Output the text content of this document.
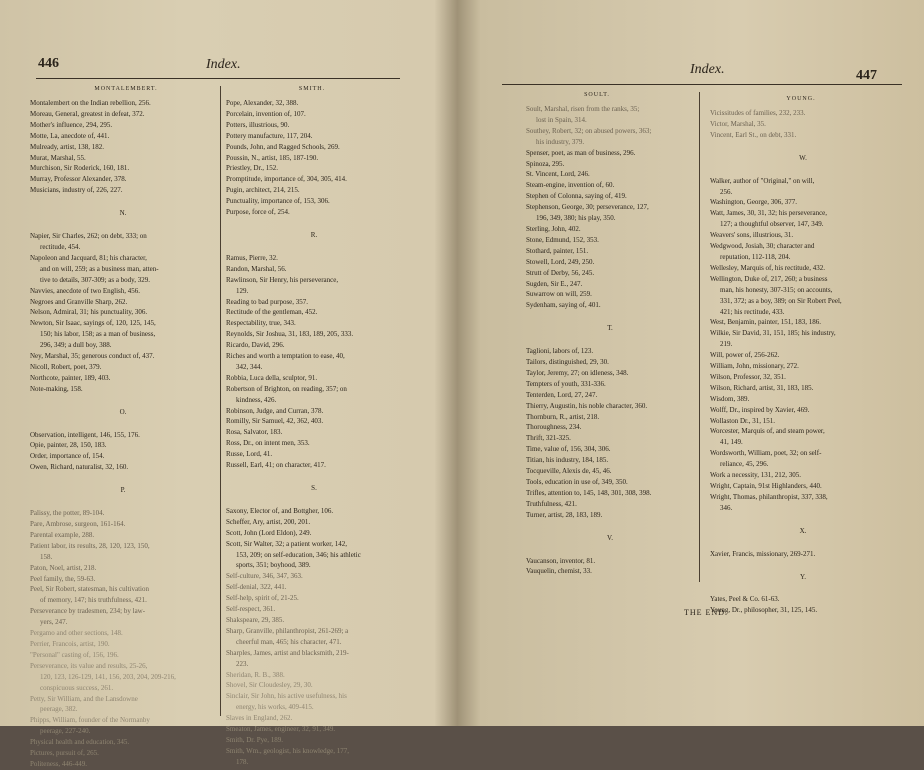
446	Index.
MONTALEMBERT.	SMITH.
Montalembert on the Indian rebellion, 256.
Moreau, General, greatest in defeat, 372.
Mother's influence, 294, 295.
Motte, La, anecdote of, 441.
Mulready, artist, 138, 182.
Murat, Marshal, 55.
Murchison, Sir Roderick, 160, 181.
Murray, Professor Alexander, 378.
Musicians, industry of, 226, 227.
N.
Napier, Sir Charles, 262; on debt, 333; on
rectitude, 454.
Napoleon and Jacquard, 81; his character,
and on will, 259; as a business man, atten-
tive to details, 307-309; as a body, 329.
Navvies, anecdote of two English, 456.
Negroes and Granville Sharp, 262.
Nelson, Admiral, 31; his punctuality, 306.
Newton, Sir Isaac, sayings of, 120, 125, 145,
150; his labor, 158; as a man of business,
296, 349; a dull boy, 388.
Ney, Marshal, 35; generous conduct of, 437.
Nicoll, Robert, poet, 379.
Northcote, painter, 189, 403.
Note-making, 158.
O.
Observation, intelligent, 146, 155, 176.
Opie, painter, 28, 150, 183.
Order, importance of, 154.
Owen, Richard, naturalist, 32, 160.
P.
Palissy, the potter, 89-104.
Pare, Ambrose, surgeon, 161-164.
Parental example, 288.
Patient labor, its results, 28, 120, 123, 150,
158.
Paton, Noel, artist, 218.
Peel family, the, 59-63.
Peel, Sir Robert, statesman, his cultivation
of memory, 147; his truthfulness, 421.
Perseverance by tradesmen, 234; by law-
yers, 247.
Pergamo and other sections, 148.
Perrier, Francois, artist, 190.
"Personal" casting of, 156, 196.
Perseverance, its value and results, 25-26,
120, 123, 126-129, 141, 156, 203, 204, 209-216,
conspicuous success, 261.
Petty, Sir William, and the Lansdowne
peerage, 382.
Phipps, William, founder of the Normanby
peerage, 227-240.
Physical health and education, 345.
Pictures, pursuit of, 265.
Politeness, 446-449.
Pope, Alexander, 32, 388.
Porcelain, invention of, 107.
Potters, illustrious, 90.
Pottery manufacture, 117, 204.
Pounds, John, and Ragged Schools, 269.
Poussin, N., artist, 185, 187-190.
Priestley, Dr., 152.
Promptitude, importance of, 304, 305, 414.
Pugin, architect, 214, 215.
Punctuality, importance of, 153, 306.
Purpose, force of, 254.
R.
Ramus, Pierre, 32.
Randon, Marshal, 56.
Rawlinson, Sir Henry, his perseverance,
129.
Reading to bad purpose, 357.
Rectitude of the gentleman, 452.
Respectability, true, 343.
Reynolds, Sir Joshua, 31, 183, 189, 205, 333.
Ricardo, David, 296.
Riches and worth a temptation to ease, 40,
342, 344.
Robbia, Luca della, sculptor, 91.
Robertson of Brighton, on reading, 357; on
kindness, 426.
Robinson, Judge, and Curran, 378.
Romilly, Sir Samuel, 42, 362, 403.
Rosa, Salvator, 183.
Ross, Dr., on intent men, 353.
Russe, Lord, 41.
Russell, Earl, 41; on character, 417.
S.
Saxony, Elector of, and Bottgher, 106.
Scheffer, Ary, artist, 200, 201.
Scott, John (Lord Eldon), 249.
Scott, Sir Walter, 32; a patient worker, 142,
153, 209; on self-education, 346; his athletic
sports, 351; boyhood, 389.
Self-culture, 346, 347, 363.
Self-denial, 322, 441.
Self-help, spirit of, 21-25.
Self-respect, 361.
Shakspeare, 29, 385.
Sharp, Granville, philanthropist, 261-269; a
cheerful man, 465; his character, 471.
Sharples, James, artist and blacksmith, 219-
223.
Sheridan, R. B., 388.
Shovel, Sir Cloudesley, 29, 30.
Sinclair, Sir John, his active usefulness, his
energy, his works, 409-415.
Slaves in England, 262.
Smeaton, James, engineer, 32, 91, 349.
Smith, Dr. Pye, 189.
Smith, Wm., geologist, his knowledge, 177,
178.
Index.	447
SOULT.
YOUNG.
Soult, Marshal, risen from the ranks, 35;
lost in Spain, 314.
Southey, Robert, 32; on abused powers, 363;
his industry, 379.
Spenser, poet, as man of business, 296.
Spinoza, 295.
St. Vincent, Lord, 246.
Steam-engine, invention of, 60.
Stephen of Colonna, saying of, 419.
Stephenson, George, 30; perseverance, 127,
196, 349, 380; his play, 350.
Sterling, John, 402.
Stone, Edmund, 152, 353.
Stothard, painter, 151.
Stowell, Lord, 249, 250.
Strutt of Derby, 56, 245.
Sugden, Sir E., 247.
Suwarrow on will, 259.
Sydenham, saying of, 401.
T.
Taglioni, labors of, 123.
Tailors, distinguished, 29, 30.
Taylor, Jeremy, 27; on idleness, 348.
Tempters of youth, 331-336.
Tenterden, Lord, 27, 247.
Thierry, Augustin, his noble character, 360.
Thornburn, R., artist, 218.
Thoroughness, 234.
Thrift, 321-325.
Time, value of, 156, 304, 306.
Titian, his industry, 184, 185.
Tocqueville, Alexis de, 45, 46.
Tools, education in use of, 349, 350.
Trifles, attention to, 145, 148, 301, 308, 398.
Truthfulness, 421.
Turner, artist, 28, 183, 189.
V.
Vaucanson, inventor, 81.
Vauquelin, chemist, 33.
Vicissitudes of families, 232, 233.
Victor, Marshal, 35.
Vincent, Earl St., on debt, 331.
W.
Walker, author of "Original," on will,
256.
Washington, George, 306, 377.
Watt, James, 30, 31, 32; his perseverance,
127; a thoughtful observer, 147, 349.
Weavers' sons, illustrious, 31.
Wedgwood, Josiah, 30; character and
reputation, 112-118, 204.
Wellesley, Marquis of, his rectitude, 432.
Wellington, Duke of, 217, 260; a business
man, his honesty, 307-315; on accounts,
331, 372; as a boy, 389; on Sir Robert Peel,
421; his rectitude, 433.
West, Benjamin, painter, 151, 183, 186.
Wilkie, Sir David, 31, 151, 185; his industry,
219.
Will, power of, 256-262.
William, John, missionary, 272.
Wilson, Professor, 32, 351.
Wilson, Richard, artist, 31, 183, 185.
Wisdom, 389.
Wolff, Dr., inspired by Xavier, 469.
Wollaston Dr., 31, 151.
Worcester, Marquis of, and steam power,
41, 149.
Wordsworth, William, poet, 32; on self-
reliance, 45, 296.
Work a necessity, 131, 212, 305.
Wright, Captain, 91st Highlanders, 440.
Wright, Thomas, philanthropist, 337, 338,
346.
X.
Xavier, Francis, missionary, 269-271.
Y.
Yates, Peel & Co. 61-63.
Young, Dr., philosopher, 31, 125, 145.
THE END.
